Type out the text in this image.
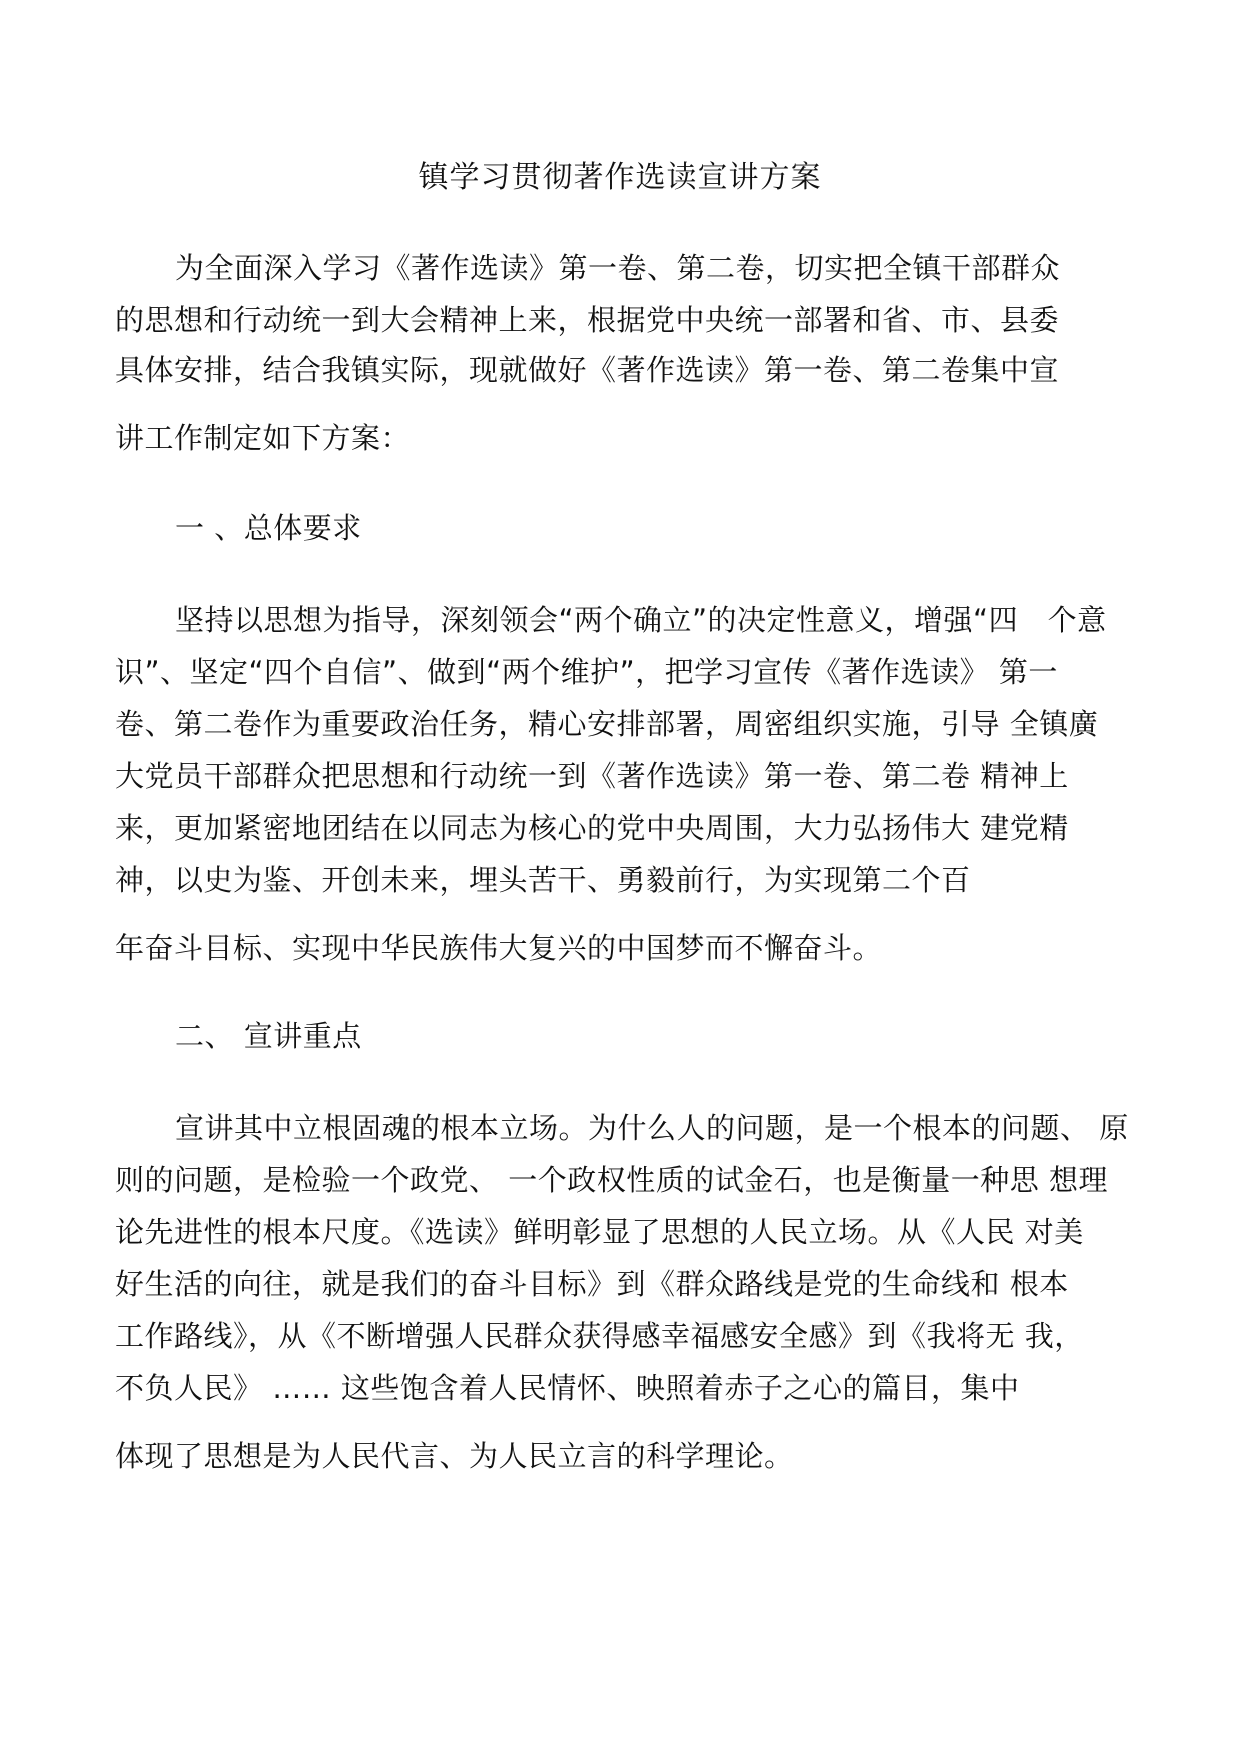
镇学习贯彻著作选读宣讲方案
为全面深入学习《著作选读》第一卷、第二卷，切实把全镇干部群众
的思想和行动统一到大会精神上来，根据党中央统一部署和省、市、县委
具体安排，结合我镇实际，现就做好《著作选读》第一卷、第二卷集中宣
讲工作制定如下方案：
一 、总体要求
坚持以思想为指导，深刻领会“两个确立”的决定性意义，增强“四　个意
识”、坚定“四个自信”、做到“两个维护”，把学习宣传《著作选读》 第一
卷、第二卷作为重要政治任务，精心安排部署，周密组织实施，引导 全镇廣
大党员干部群众把思想和行动统一到《著作选读》第一卷、第二卷 精神上
来，更加紧密地团结在以同志为核心的党中央周围，大力弘扬伟大 建党精
神，以史为鉴、开创未来，埋头苦干、勇毅前行，为实现第二个百
年奋斗目标、实现中华民族伟大复兴的中国梦而不懈奋斗。
二、 宣讲重点
宣讲其中立根固魂的根本立场。为什么人的问题，是一个根本的问题、 原
则的问题，是检验一个政党、 一个政权性质的试金石，也是衡量一种思 想理
论先进性的根本尺度。《选读》鲜明彰显了思想的人民立场。从《人民 对美
好生活的向往，就是我们的奋斗目标》到《群众路线是党的生命线和 根本
工作路线》，从《不断增强人民群众获得感幸福感安全感》到《我将无 我，
不负人民》 …… 这些饱含着人民情怀、映照着赤子之心的篇目，集中
体现了思想是为人民代言、为人民立言的科学理论。
